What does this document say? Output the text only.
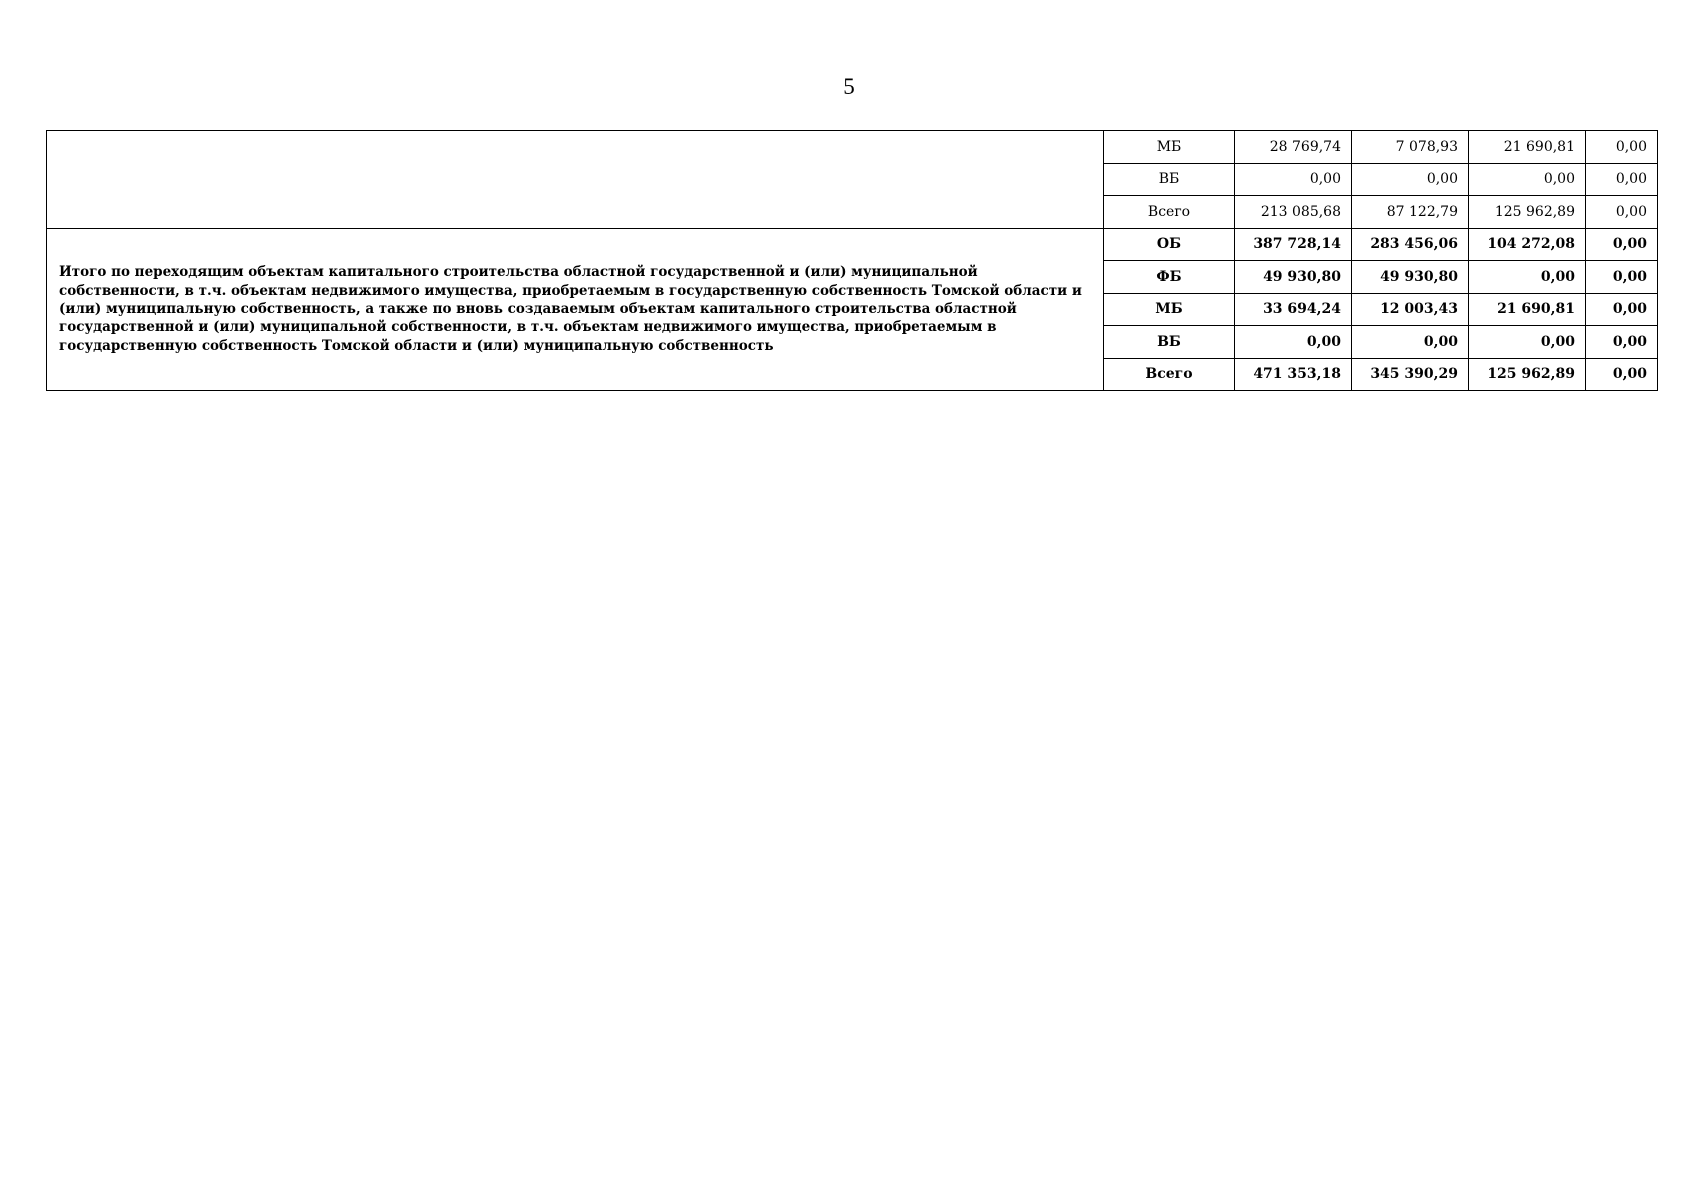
5
	МБ	28 769,74	7 078,93	21 690,81	0,00
	ВБ	0,00	0,00	0,00	0,00
	Всего	213 085,68	87 122,79	125 962,89	0,00
Итого по переходящим объектам капитального строительства областной государственной и (или) муниципальной собственности, в т.ч. объектам недвижимого имущества, приобретаемым в государственную собственность Томской области и (или) муниципальную собственность, а также по вновь создаваемым объектам капитального строительства областной государственной и (или) муниципальной собственности, в т.ч. объектам недвижимого имущества, приобретаемым в государственную собственность Томской области и (или) муниципальную собственность	ОБ	387 728,14	283 456,06	104 272,08	0,00
	ФБ	49 930,80	49 930,80	0,00	0,00
	МБ	33 694,24	12 003,43	21 690,81	0,00
	ВБ	0,00	0,00	0,00	0,00
	Всего	471 353,18	345 390,29	125 962,89	0,00
